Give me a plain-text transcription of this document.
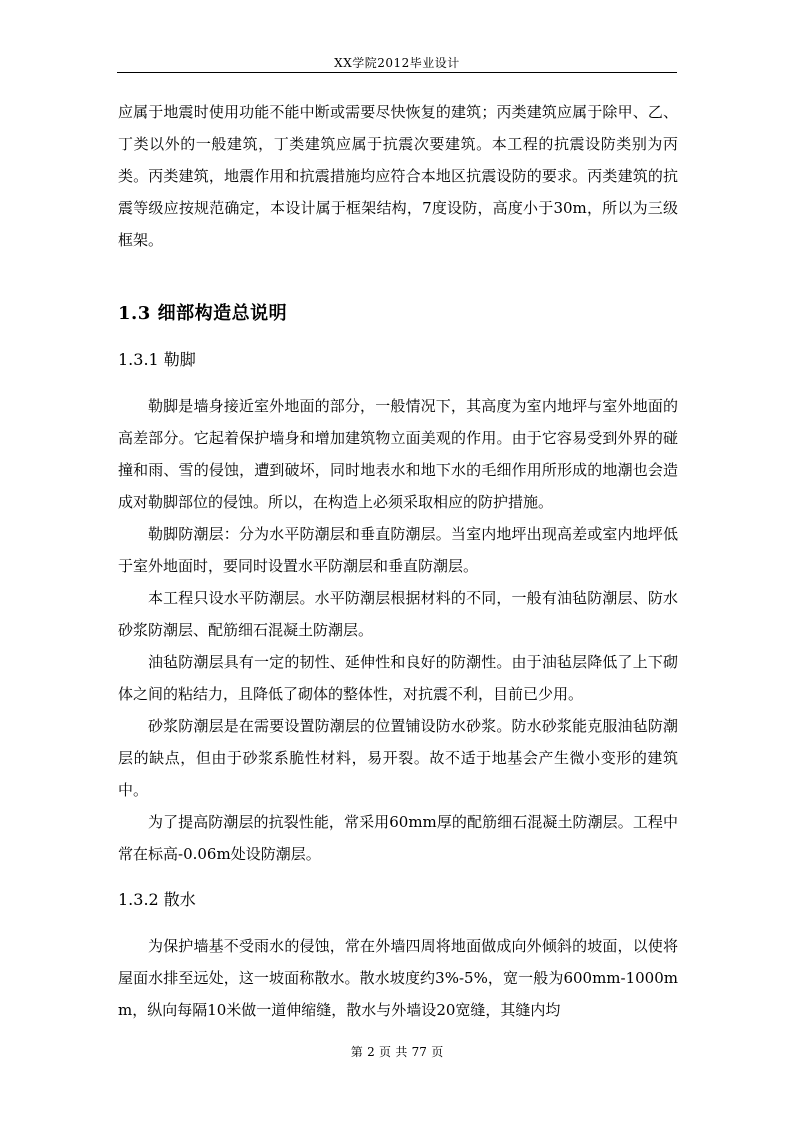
XX学院2012毕业设计

应属于地震时使用功能不能中断或需要尽快恢复的建筑；丙类建筑应属于除甲、乙、丁类以外的一般建筑，丁类建筑应属于抗震次要建筑。本工程的抗震设防类别为丙类。丙类建筑，地震作用和抗震措施均应符合本地区抗震设防的要求。丙类建筑的抗震等级应按规范确定，本设计属于框架结构，7度设防，高度小于30m，所以为三级框架。

1.3 细部构造总说明
1.3.1 勒脚

勒脚是墙身接近室外地面的部分，一般情况下，其高度为室内地坪与室外地面的高差部分。它起着保护墙身和增加建筑物立面美观的作用。由于它容易受到外界的碰撞和雨、雪的侵蚀，遭到破坏，同时地表水和地下水的毛细作用所形成的地潮也会造成对勒脚部位的侵蚀。所以，在构造上必须采取相应的防护措施。

勒脚防潮层：分为水平防潮层和垂直防潮层。当室内地坪出现高差或室内地坪低于室外地面时，要同时设置水平防潮层和垂直防潮层。

本工程只设水平防潮层。水平防潮层根据材料的不同，一般有油毡防潮层、防水砂浆防潮层、配筋细石混凝土防潮层。

油毡防潮层具有一定的韧性、延伸性和良好的防潮性。由于油毡层降低了上下砌体之间的粘结力，且降低了砌体的整体性，对抗震不利，目前已少用。

砂浆防潮层是在需要设置防潮层的位置铺设防水砂浆。防水砂浆能克服油毡防潮层的缺点，但由于砂浆系脆性材料，易开裂。故不适于地基会产生微小变形的建筑中。

为了提高防潮层的抗裂性能，常采用60mm厚的配筋细石混凝土防潮层。工程中常在标高-0.06m处设防潮层。

1.3.2 散水

为保护墙基不受雨水的侵蚀，常在外墙四周将地面做成向外倾斜的坡面，以使将屋面水排至远处，这一坡面称散水。散水坡度约3%-5%，宽一般为600mm-1000mm，纵向每隔10米做一道伸缩缝，散水与外墙设20宽缝，其缝内均

第 2 页 共 77 页
